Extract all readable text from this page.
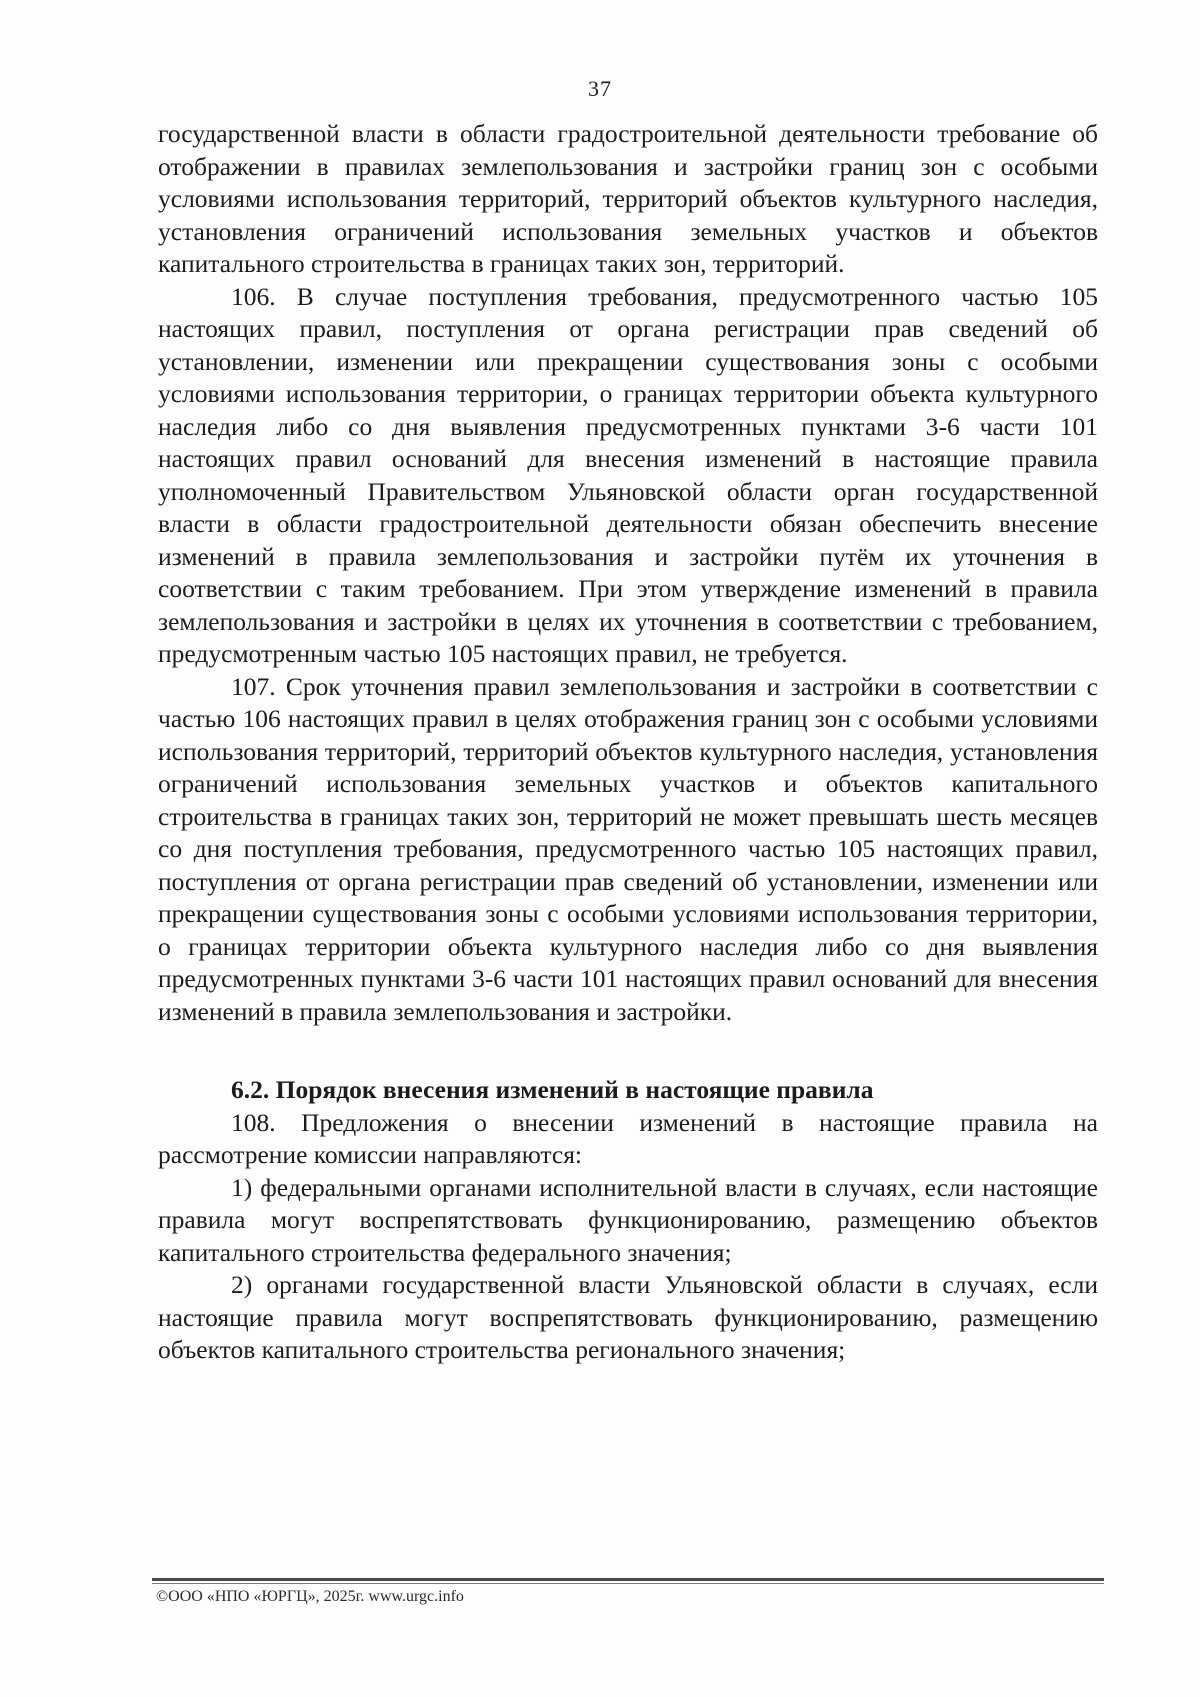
37

государственной власти в области градостроительной деятельности требование об отображении в правилах землепользования и застройки границ зон с особыми условиями использования территорий, территорий объектов культурного наследия, установления ограничений использования земельных участков и объектов капитального строительства в границах таких зон, территорий.

106. В случае поступления требования, предусмотренного частью 105 настоящих правил, поступления от органа регистрации прав сведений об установлении, изменении или прекращении существования зоны с особыми условиями использования территории, о границах территории объекта культурного наследия либо со дня выявления предусмотренных пунктами 3-6 части 101 настоящих правил оснований для внесения изменений в настоящие правила уполномоченный Правительством Ульяновской области орган государственной власти в области градостроительной деятельности обязан обеспечить внесение изменений в правила землепользования и застройки путём их уточнения в соответствии с таким требованием. При этом утверждение изменений в правила землепользования и застройки в целях их уточнения в соответствии с требованием, предусмотренным частью 105 настоящих правил, не требуется.

107. Срок уточнения правил землепользования и застройки в соответствии с частью 106 настоящих правил в целях отображения границ зон с особыми условиями использования территорий, территорий объектов культурного наследия, установления ограничений использования земельных участков и объектов капитального строительства в границах таких зон, территорий не может превышать шесть месяцев со дня поступления требования, предусмотренного частью 105 настоящих правил, поступления от органа регистрации прав сведений об установлении, изменении или прекращении существования зоны с особыми условиями использования территории, о границах территории объекта культурного наследия либо со дня выявления предусмотренных пунктами 3-6 части 101 настоящих правил оснований для внесения изменений в правила землепользования и застройки.

6.2. Порядок внесения изменений в настоящие правила

108. Предложения о внесении изменений в настоящие правила на рассмотрение комиссии направляются:

1) федеральными органами исполнительной власти в случаях, если настоящие правила могут воспрепятствовать функционированию, размещению объектов капитального строительства федерального значения;

2) органами государственной власти Ульяновской области в случаях, если настоящие правила могут воспрепятствовать функционированию, размещению объектов капитального строительства регионального значения;

©ООО «НПО «ЮРГЦ», 2025г. www.urgc.info
